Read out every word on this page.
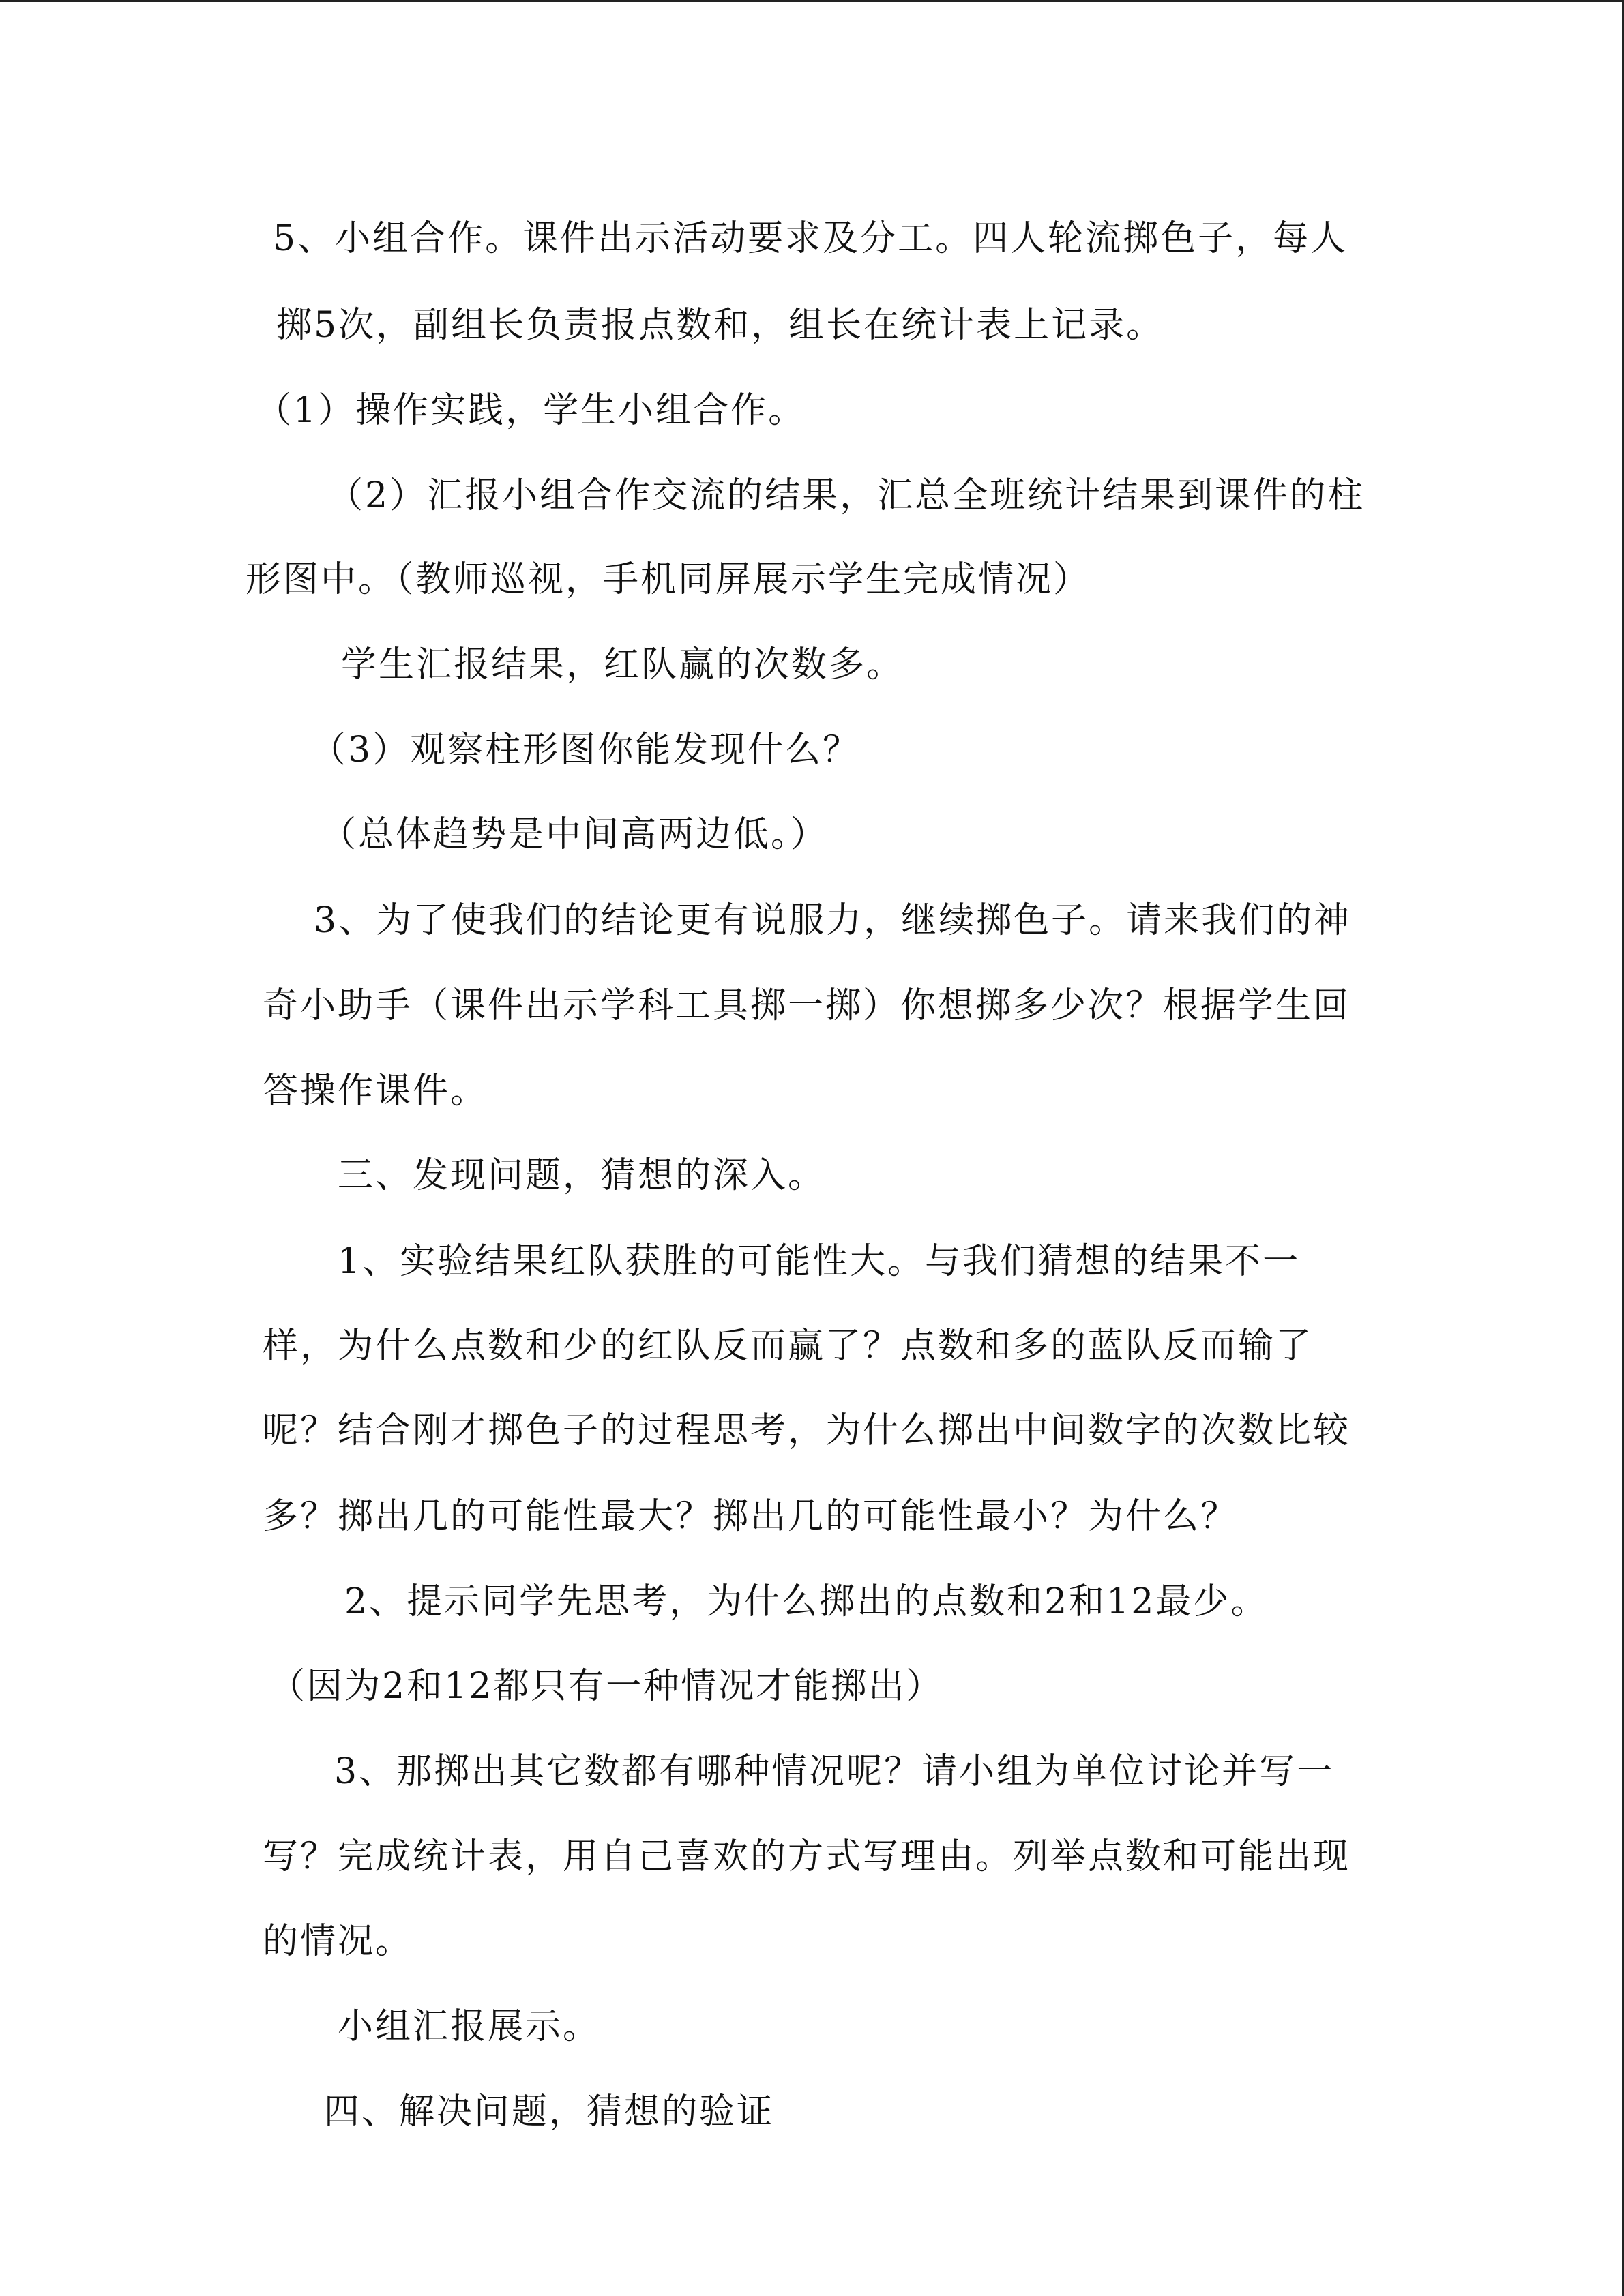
5、小组合作。课件出示活动要求及分工。四人轮流掷色子，每人
掷5次，副组长负责报点数和，组长在统计表上记录。
（1）操作实践，学生小组合作。
（2）汇报小组合作交流的结果，汇总全班统计结果到课件的柱
形图中。（教师巡视，手机同屏展示学生完成情况）
学生汇报结果，红队赢的次数多。
（3）观察柱形图你能发现什么？
（总体趋势是中间高两边低。）
3、为了使我们的结论更有说服力，继续掷色子。请来我们的神
奇小助手（课件出示学科工具掷一掷）你想掷多少次？根据学生回
答操作课件。
三、发现问题，猜想的深入。
1、实验结果红队获胜的可能性大。与我们猜想的结果不一
样，为什么点数和少的红队反而赢了？点数和多的蓝队反而输了
呢？结合刚才掷色子的过程思考，为什么掷出中间数字的次数比较
多？掷出几的可能性最大？掷出几的可能性最小？为什么？
2、提示同学先思考，为什么掷出的点数和2和12最少。
（因为2和12都只有一种情况才能掷出）
3、那掷出其它数都有哪种情况呢？请小组为单位讨论并写一
写？完成统计表，用自己喜欢的方式写理由。列举点数和可能出现
的情况。
小组汇报展示。
四、解决问题，猜想的验证
